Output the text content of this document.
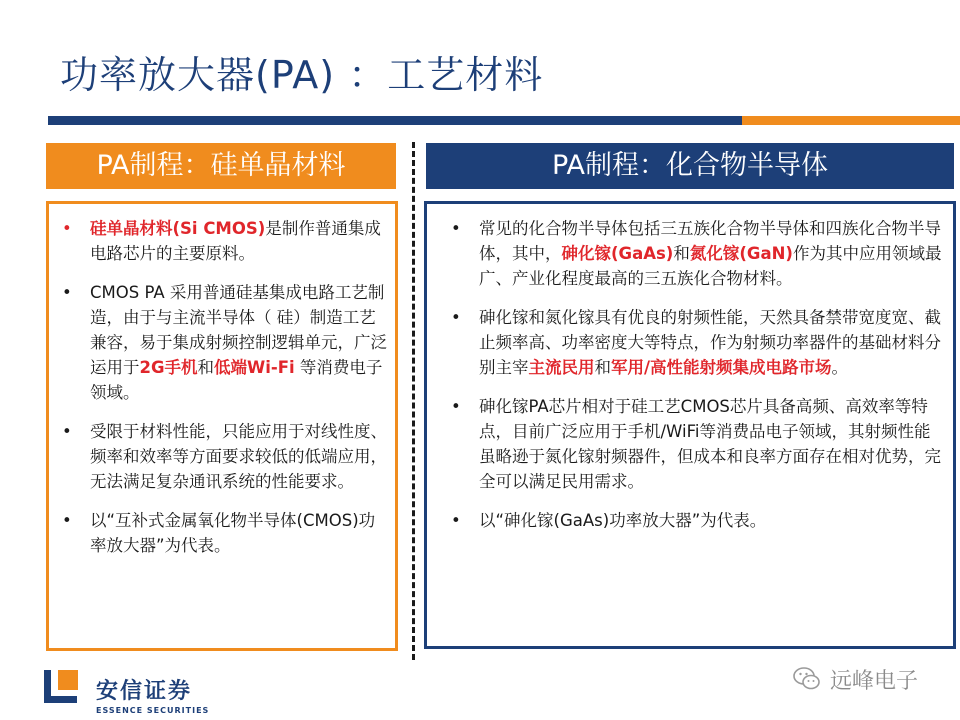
功率放大器(PA) ：工艺材料
PA制程：硅单晶材料	PA制程：化合物半导体
• 硅单晶材料(Si CMOS)是制作普通集成电路芯片的主要原料。
• CMOS PA 采用普通硅基集成电路工艺制造，由于与主流半导体（ 硅）制造工艺兼容，易于集成射频控制逻辑单元，广泛运用于2G手机和低端Wi-Fi 等消费电子领域。
• 受限于材料性能，只能应用于对线性度、频率和效率等方面要求较低的低端应用，无法满足复杂通讯系统的性能要求。
• 以“互补式金属氧化物半导体(CMOS)功率放大器”为代表。
• 常见的化合物半导体包括三五族化合物半导体和四族化合物半导体，其中，砷化镓(GaAs)和氮化镓(GaN)作为其中应用领域最广、产业化程度最高的三五族化合物材料。
• 砷化镓和氮化镓具有优良的射频性能，天然具备禁带宽度宽、截止频率高、功率密度大等特点，作为射频功率器件的基础材料分别主宰主流民用和军用/高性能射频集成电路市场。
• 砷化镓PA芯片相对于硅工艺CMOS芯片具备高频、高效率等特点，目前广泛应用于手机/WiFi等消费品电子领域，其射频性能虽略逊于氮化镓射频器件，但成本和良率方面存在相对优势，完全可以满足民用需求。
• 以“砷化镓(GaAs)功率放大器”为代表。
安信证券
ESSENCE SECURITIES
远峰电子
